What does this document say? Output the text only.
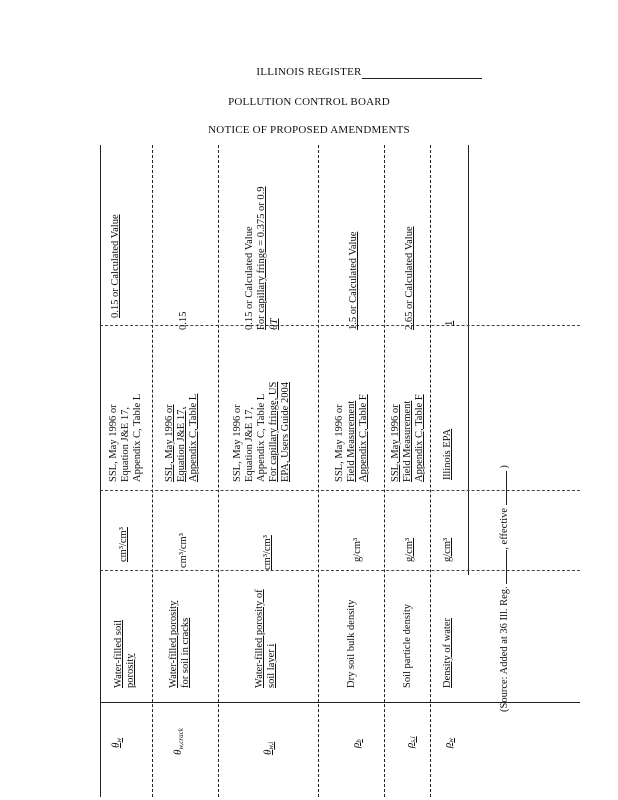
ILLINOIS REGISTER
POLLUTION CONTROL BOARD
NOTICE OF PROPOSED AMENDMENTS
$\theta_w$
Water-filled soil porosity
cm³/cm³
SSL, May 1996 or Equation J&E 17, Appendix C, Table L
0.15 or Calculated Value
$\theta_{w,crack}$
Water-filled porosity for soil in cracks
cm³/cm³
SSL, May 1996 or Equation J&E 17, Appendix C, Table L
0.15
$\theta_{w,i}$
Water-filled porosity of soil layer i
cm³/cm³
SSL, May 1996 or Equation J&E 17, Appendix C, Table L For capillary fringe, US EPA, Users Guide 2004
0.15 or Calculated Value For capillary fringe = 0.375 or 0.9 θT
$\rho_b$
Dry soil bulk density
g/cm³
SSL, May 1996 or Field Measurement Appendix C, Table F
1.5 or Calculated Value
$\rho_{s,i}$
Soil particle density
g/cm³
SSL, May 1996 or Field Measurement Appendix C, Table F
2.65 or Calculated Value
$\rho_w$
Density of water
g/cm³
Illinois EPA
1
(Source: Added at 36 Ill. Reg. , effective  )
